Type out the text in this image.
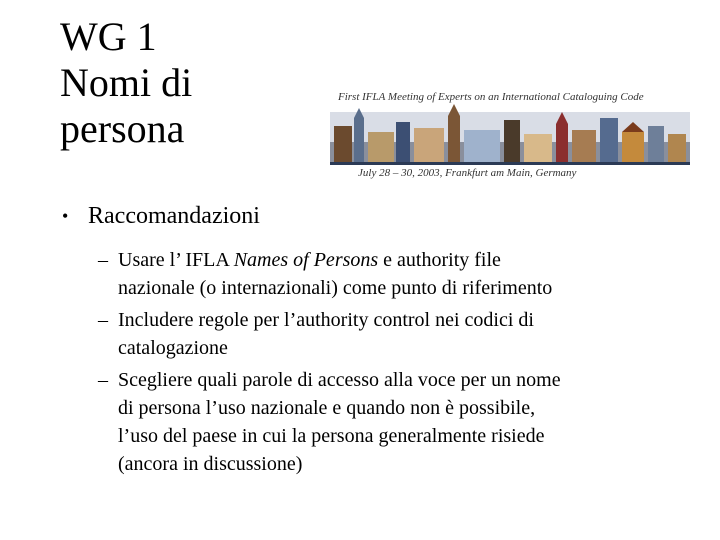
WG 1
Nomi di
persona
First IFLA Meeting of Experts on an International Cataloguing Code
July 28 – 30, 2003, Frankfurt am Main, Germany
• Raccomandazioni
– Usare l’ IFLA Names of Persons e authority file
nazionale (o internazionali) come punto di riferimento
– Includere regole per l’authority control nei codici di
catalogazione
– Scegliere quali parole di accesso alla voce per un nome
di persona l’uso nazionale e quando non è possibile,
l’uso del paese in cui la persona generalmente risiede
(ancora in discussione)
